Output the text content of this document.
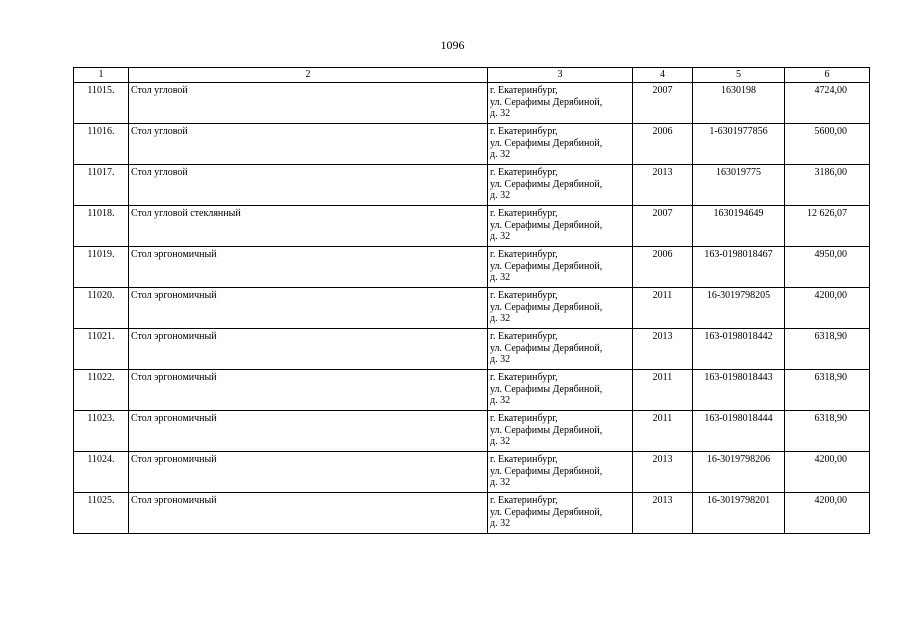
1096
1	2	3	4	5	6
11015.	Стол угловой	г. Екатеринбург,
ул. Серафимы Дерябиной,
д. 32	2007	1630198	4724,00
11016.	Стол угловой	г. Екатеринбург,
ул. Серафимы Дерябиной,
д. 32	2006	1-6301977856	5600,00
11017.	Стол угловой	г. Екатеринбург,
ул. Серафимы Дерябиной,
д. 32	2013	163019775	3186,00
11018.	Стол угловой стеклянный	г. Екатеринбург,
ул. Серафимы Дерябиной,
д. 32	2007	1630194649	12 626,07
11019.	Стол эргономичный	г. Екатеринбург,
ул. Серафимы Дерябиной,
д. 32	2006	163-0198018467	4950,00
11020.	Стол эргономичный	г. Екатеринбург,
ул. Серафимы Дерябиной,
д. 32	2011	16-3019798205	4200,00
11021.	Стол эргономичный	г. Екатеринбург,
ул. Серафимы Дерябиной,
д. 32	2013	163-0198018442	6318,90
11022.	Стол эргономичный	г. Екатеринбург,
ул. Серафимы Дерябиной,
д. 32	2011	163-0198018443	6318,90
11023.	Стол эргономичный	г. Екатеринбург,
ул. Серафимы Дерябиной,
д. 32	2011	163-0198018444	6318,90
11024.	Стол эргономичный	г. Екатеринбург,
ул. Серафимы Дерябиной,
д. 32	2013	16-3019798206	4200,00
11025.	Стол эргономичный	г. Екатеринбург,
ул. Серафимы Дерябиной,
д. 32	2013	16-3019798201	4200,00
